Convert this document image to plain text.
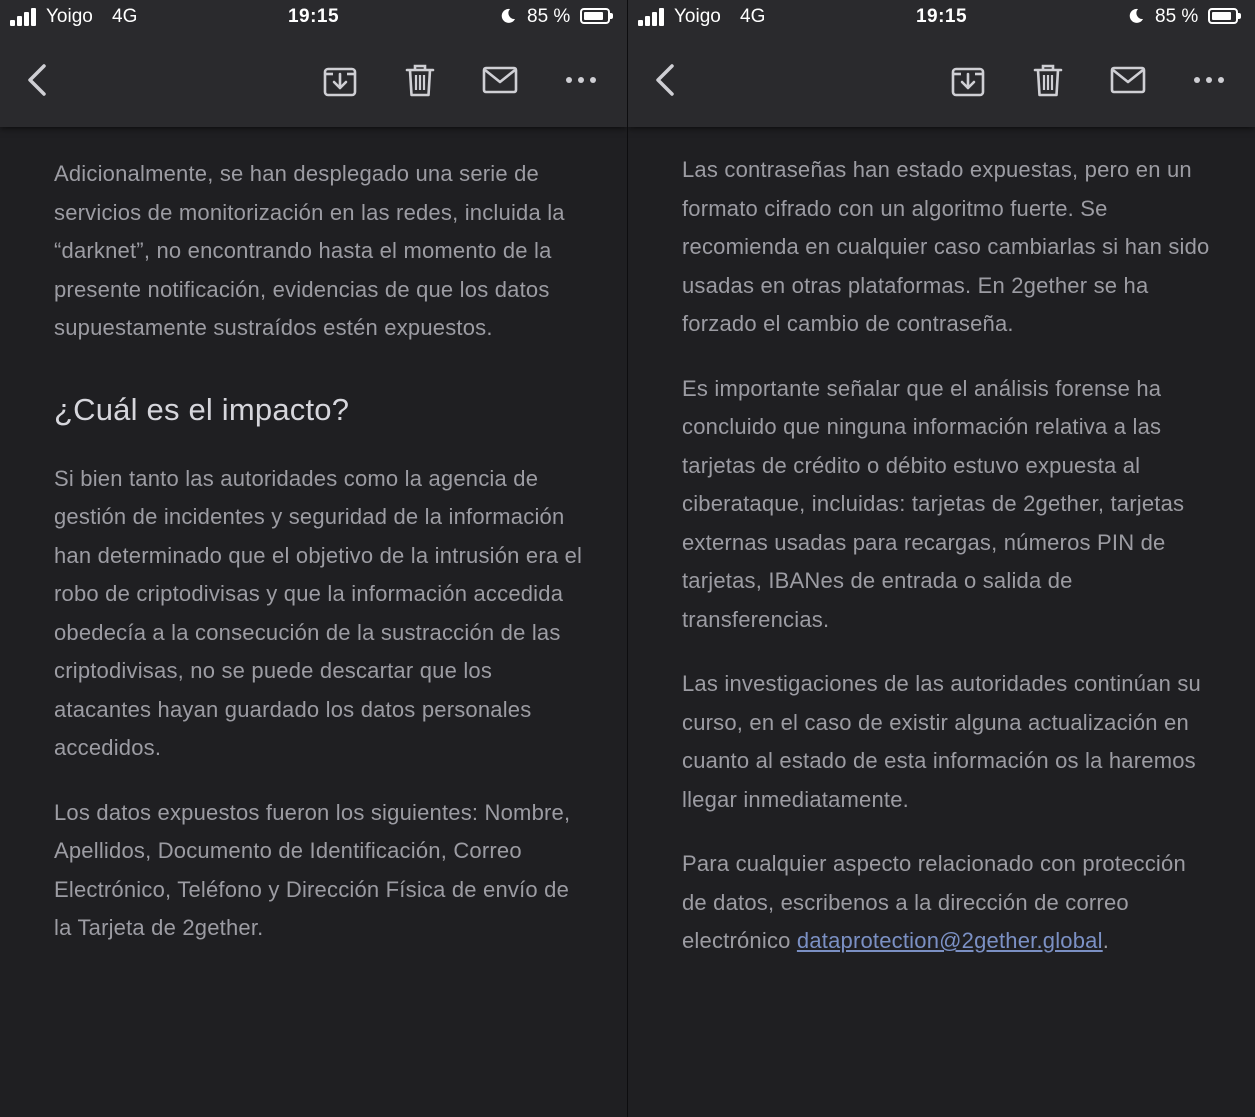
Yoigo 4G	19:15	85 %

Adicionalmente, se han desplegado una serie de servicios de monitorización en las redes, incluida la “darknet”, no encontrando hasta el momento de la presente notificación, evidencias de que los datos supuestamente sustraídos estén expuestos.

¿Cuál es el impacto?

Si bien tanto las autoridades como la agencia de gestión de incidentes y seguridad de la información han determinado que el objetivo de la intrusión era el robo de criptodivisas y que la información accedida obedecía a la consecución de la sustracción de las criptodivisas, no se puede descartar que los atacantes hayan guardado los datos personales accedidos.

Los datos expuestos fueron los siguientes: Nombre, Apellidos, Documento de Identificación, Correo Electrónico, Teléfono y Dirección Física de envío de la Tarjeta de 2gether.

Yoigo 4G	19:15	85 %

Las contraseñas han estado expuestas, pero en un formato cifrado con un algoritmo fuerte. Se recomienda en cualquier caso cambiarlas si han sido usadas en otras plataformas. En 2gether se ha forzado el cambio de contraseña.

Es importante señalar que el análisis forense ha concluido que ninguna información relativa a las tarjetas de crédito o débito estuvo expuesta al ciberataque, incluidas: tarjetas de 2gether, tarjetas externas usadas para recargas, números PIN de tarjetas, IBANes de entrada o salida de transferencias.

Las investigaciones de las autoridades continúan su curso, en el caso de existir alguna actualización en cuanto al estado de esta información os la haremos llegar inmediatamente.

Para cualquier aspecto relacionado con protección de datos, escribenos a la dirección de correo electrónico dataprotection@2gether.global.
